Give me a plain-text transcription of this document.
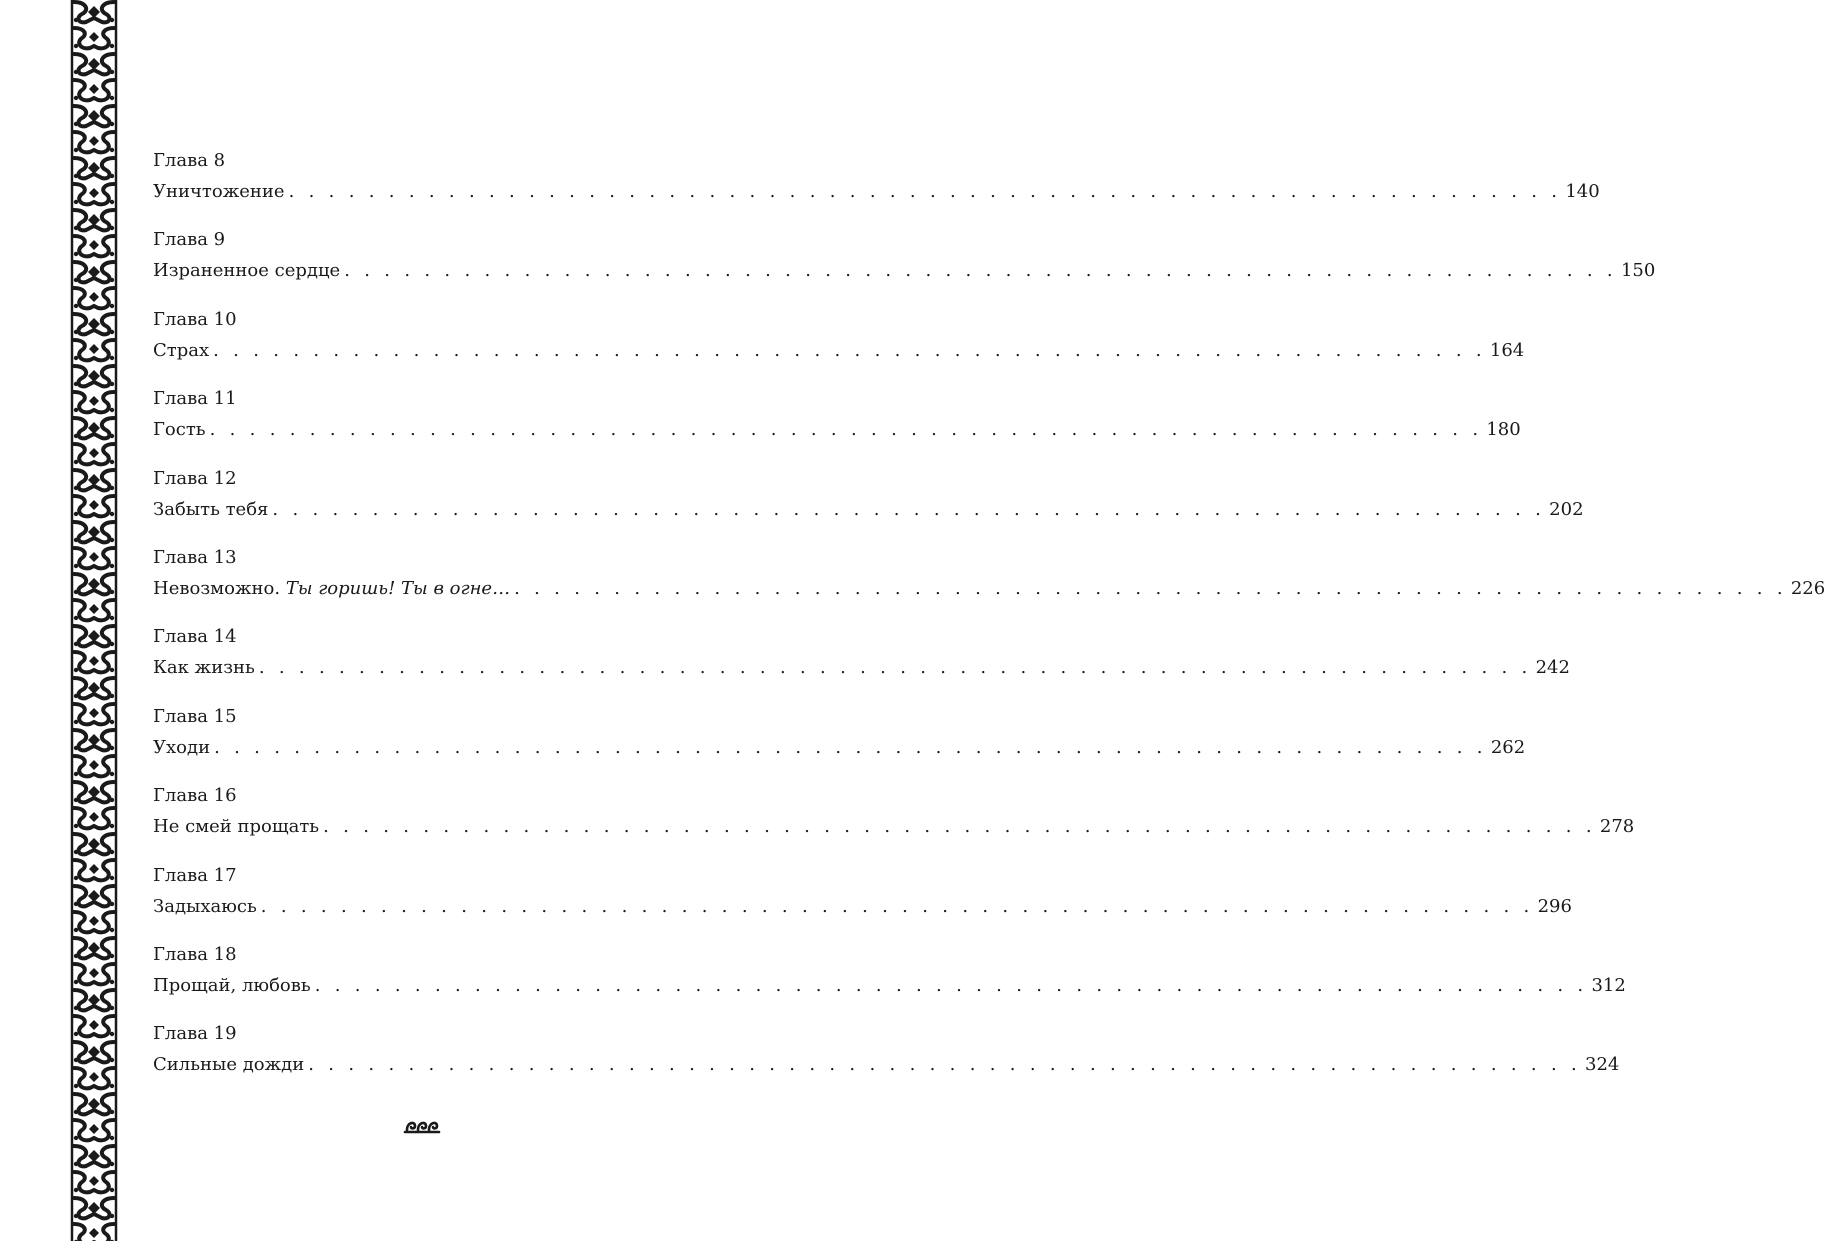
Глава 8
Уничтожение . . . . . . . . . . . . . . . . . . . . . . . . . . . . . . . . . . . . . . . . . . . . . . . . . . . . . . . . . . . . . . . . 140
Глава 9
Израненное сердце . . . . . . . . . . . . . . . . . . . . . . . . . . . . . . . . . . . . . . . . . . . . . . . . . . . . . . . . . . . . . . . . 150
Глава 10
Страх . . . . . . . . . . . . . . . . . . . . . . . . . . . . . . . . . . . . . . . . . . . . . . . . . . . . . . . . . . . . . . . . 164
Глава 11
Гость . . . . . . . . . . . . . . . . . . . . . . . . . . . . . . . . . . . . . . . . . . . . . . . . . . . . . . . . . . . . . . . . 180
Глава 12
Забыть тебя . . . . . . . . . . . . . . . . . . . . . . . . . . . . . . . . . . . . . . . . . . . . . . . . . . . . . . . . . . . . . . . . 202
Глава 13
Невозможно. Ты горишь! Ты в огне… . . . . . . . . . . . . . . . . . . . . . . . . . . . . . . . . . . . . . . . . . . . . . . . . . . . . . . . . . . . . . . . . 226
Глава 14
Как жизнь . . . . . . . . . . . . . . . . . . . . . . . . . . . . . . . . . . . . . . . . . . . . . . . . . . . . . . . . . . . . . . . . 242
Глава 15
Уходи . . . . . . . . . . . . . . . . . . . . . . . . . . . . . . . . . . . . . . . . . . . . . . . . . . . . . . . . . . . . . . . . 262
Глава 16
Не смей прощать . . . . . . . . . . . . . . . . . . . . . . . . . . . . . . . . . . . . . . . . . . . . . . . . . . . . . . . . . . . . . . . . 278
Глава 17
Задыхаюсь . . . . . . . . . . . . . . . . . . . . . . . . . . . . . . . . . . . . . . . . . . . . . . . . . . . . . . . . . . . . . . . . 296
Глава 18
Прощай, любовь . . . . . . . . . . . . . . . . . . . . . . . . . . . . . . . . . . . . . . . . . . . . . . . . . . . . . . . . . . . . . . . . 312
Глава 19
Сильные дожди . . . . . . . . . . . . . . . . . . . . . . . . . . . . . . . . . . . . . . . . . . . . . . . . . . . . . . . . . . . . . . . . 324
